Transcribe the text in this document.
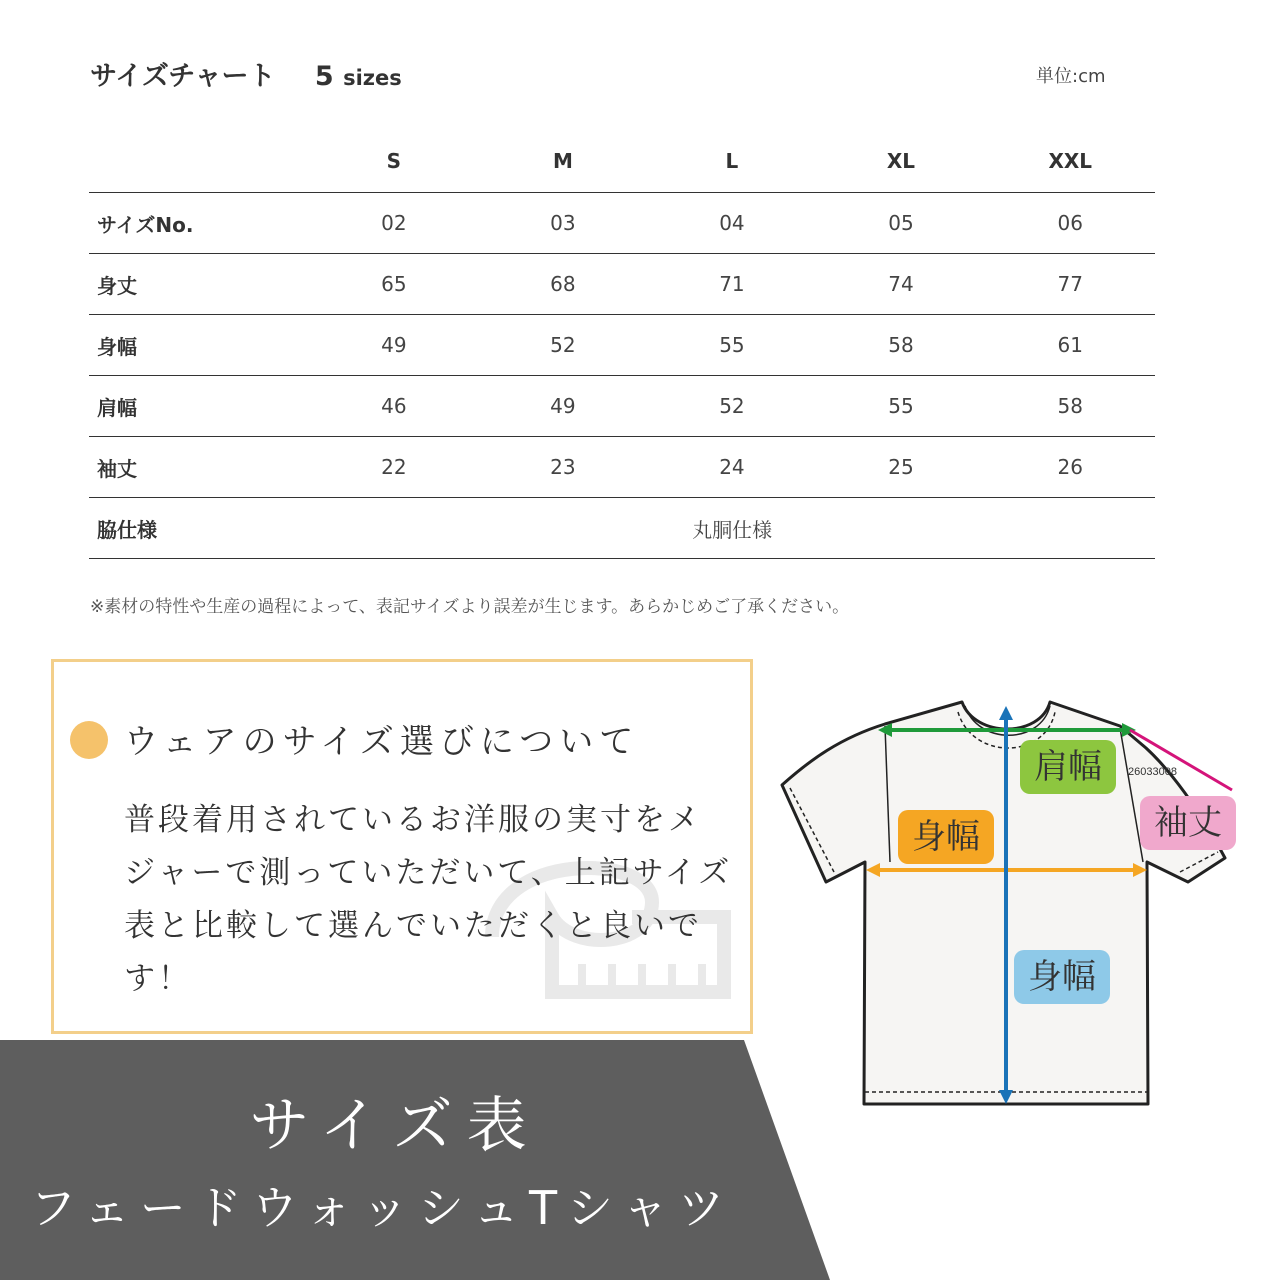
サイズチャート 5 sizes	単位:cm
	S	M	L	XL	XXL
サイズNo.	02	03	04	05	06
身丈	65	68	71	74	77
身幅	49	52	55	58	61
肩幅	46	49	52	55	58
袖丈	22	23	24	25	26
脇仕様	丸胴仕様				
※素材の特性や生産の過程によって、表記サイズより誤差が生じます。あらかじめご了承ください。
ウェアのサイズ選びについて
普段着用されているお洋服の実寸をメジャーで測っていただいて、上記サイズ表と比較して選んでいただくと良いです！
サイズ表
フェードウォッシュTシャツ
26033008
肩幅
袖丈
身幅
身幅
